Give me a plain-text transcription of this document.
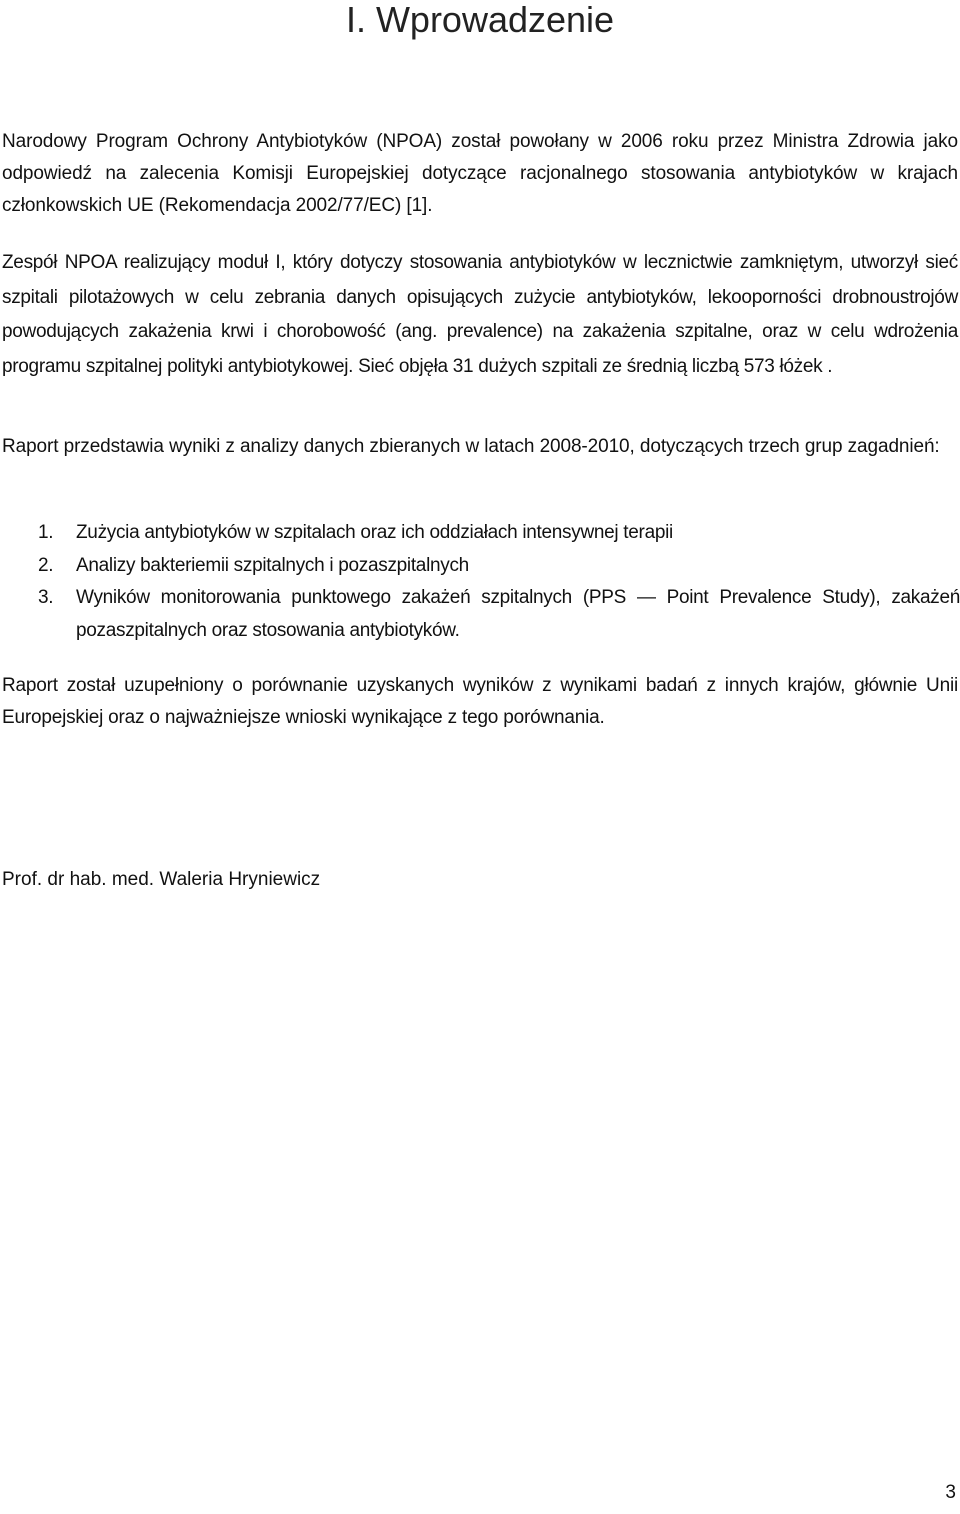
I. Wprowadzenie

Narodowy Program Ochrony Antybiotyków (NPOA) został powołany w 2006 roku przez Ministra Zdrowia jako odpowiedź na zalecenia Komisji Europejskiej dotyczące racjonalnego stosowania antybiotyków w krajach członkowskich UE (Rekomendacja 2002/77/EC) [1].

Zespół NPOA realizujący moduł I, który dotyczy stosowania antybiotyków w lecznictwie zamkniętym, utworzył sieć szpitali pilotażowych w celu zebrania danych opisujących zużycie antybiotyków, lekooporności drobnoustrojów powodujących zakażenia krwi i chorobowość (ang. prevalence) na zakażenia szpitalne, oraz w celu wdrożenia programu szpitalnej polityki antybiotykowej. Sieć objęła 31 dużych szpitali ze średnią liczbą 573 łóżek .

Raport przedstawia wyniki z analizy danych zbieranych w latach 2008-2010, dotyczących trzech grup zagadnień:

1. Zużycia antybiotyków w szpitalach oraz ich oddziałach intensywnej terapii
2. Analizy bakteriemii szpitalnych i pozaszpitalnych
3. Wyników monitorowania punktowego zakażeń szpitalnych (PPS — Point Prevalence Study), zakażeń pozaszpitalnych oraz stosowania antybiotyków.

Raport został uzupełniony o porównanie uzyskanych wyników z wynikami badań z innych krajów, głównie Unii Europejskiej oraz o najważniejsze wnioski wynikające z tego porównania.

Prof. dr hab. med. Waleria Hryniewicz

3
